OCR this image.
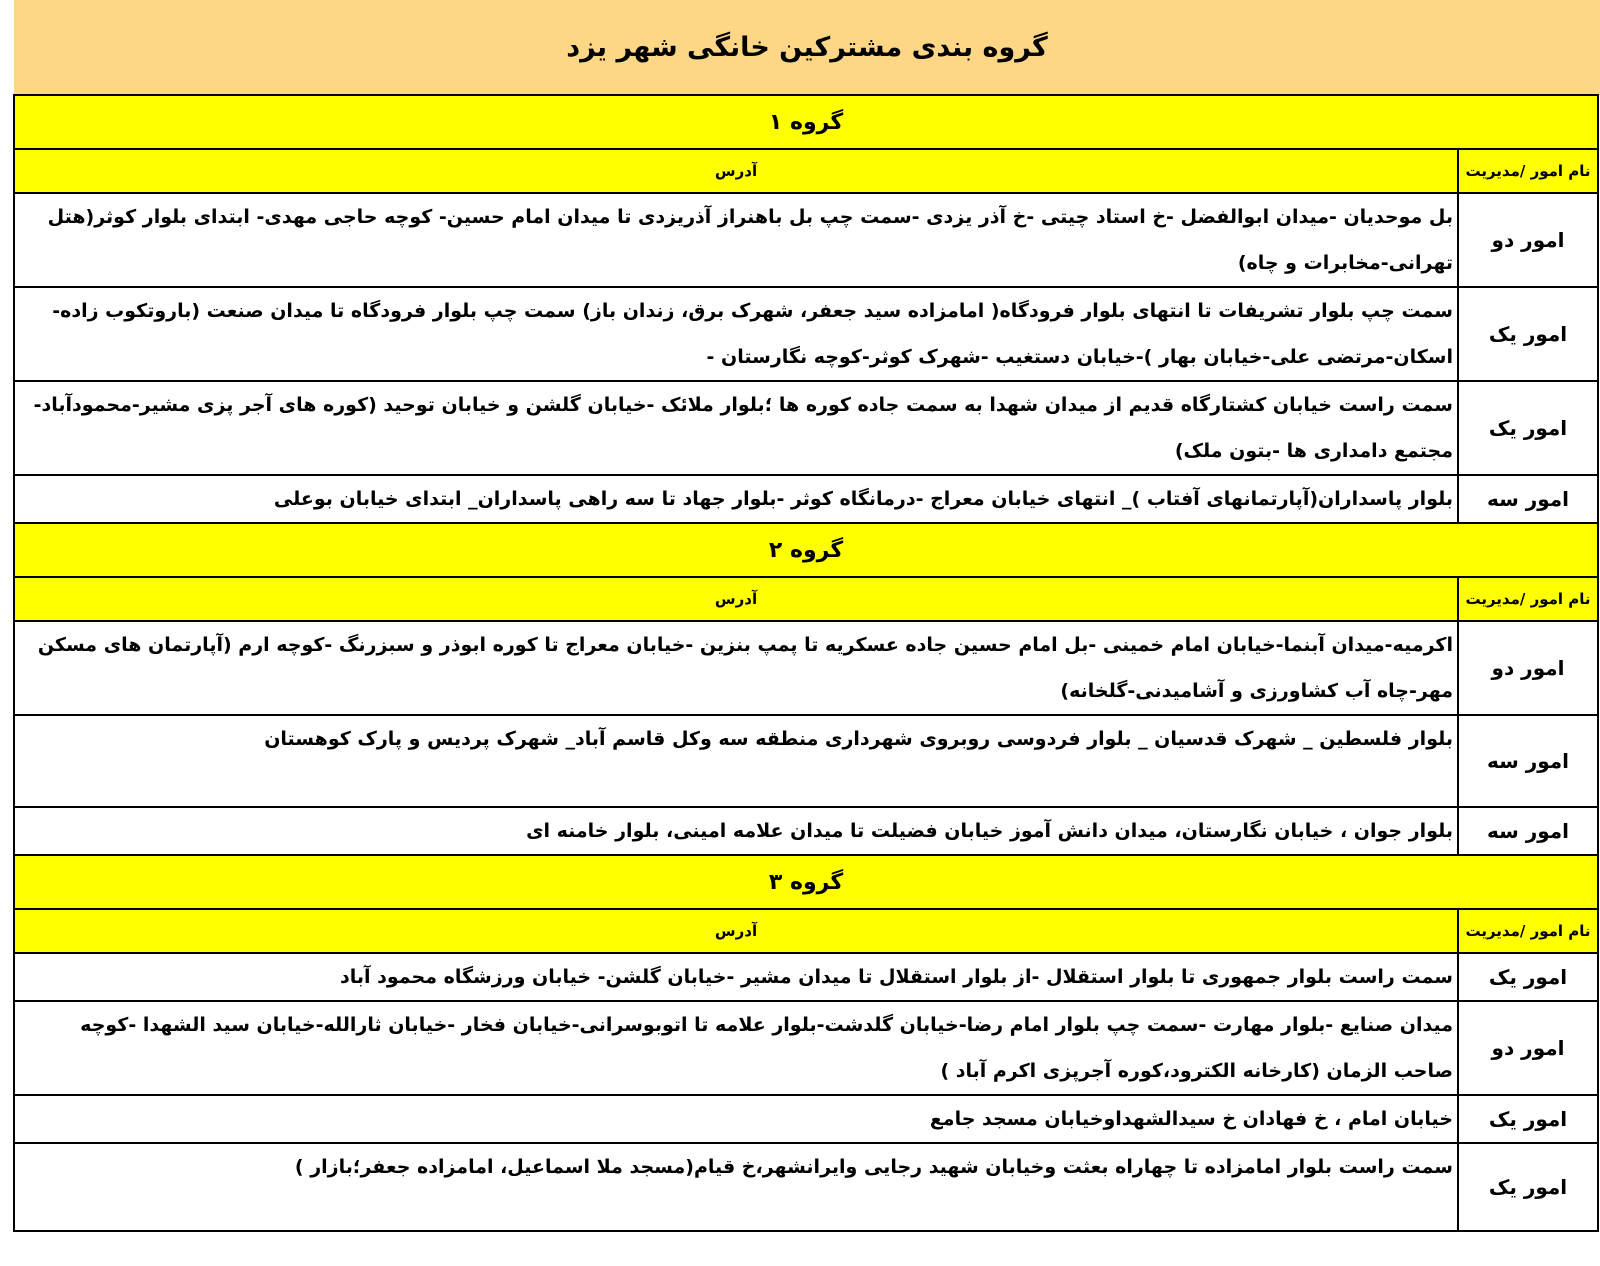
گروه بندی مشترکین خانگی شهر یزد
گروه ۱	
نام امور /مدیریت	آدرس
امور دو	بل موحدیان -میدان ابوالفضل -خ استاد چیتی -خ آذر یزدی -سمت چپ بل باهنراز آذریزدی تا میدان امام حسین- کوچه حاجی مهدی- ابتدای بلوار کوثر(هتل تهرانی-مخابرات و چاه)
امور یک	سمت چپ بلوار تشریفات تا انتهای بلوار فرودگاه( امامزاده سید جعفر، شهرک برق، زندان باز) سمت چپ بلوار فرودگاه تا میدان صنعت (باروتکوب زاده-اسکان-مرتضی علی-خیابان بهار )-خیابان دستغیب -شهرک کوثر-کوچه نگارستان -
امور یک	سمت راست خیابان کشتارگاه قدیم از میدان شهدا به سمت جاده کوره ها ؛بلوار ملائک -خیابان گلشن و خیابان توحید (کوره های آجر پزی مشیر-محمودآباد-مجتمع دامداری ها -بتون ملک)
امور سه	بلوار پاسداران(آپارتمانهای آفتاب )_ انتهای خیابان معراج -درمانگاه کوثر -بلوار جهاد تا سه راهی پاسداران_ ابتدای خیابان بوعلی
گروه ۲	
نام امور /مدیریت	آدرس
امور دو	اکرمیه-میدان آبنما-خیابان امام خمینی -بل امام حسین جاده عسکریه تا پمپ بنزین -خیابان معراج تا کوره ابوذر و سبزرنگ -کوچه ارم (آپارتمان های مسکن مهر-چاه آب کشاورزی و آشامیدنی-گلخانه)
امور سه	بلوار فلسطین _ شهرک قدسیان _ بلوار فردوسی روبروی شهرداری منطقه سه وکل قاسم آباد_ شهرک پردیس و پارک کوهستان
امور سه	بلوار جوان ، خیابان نگارستان، میدان دانش آموز خیابان فضیلت تا میدان علامه امینی، بلوار خامنه ای
گروه ۳	
نام امور /مدیریت	آدرس
امور یک	سمت راست بلوار جمهوری تا بلوار استقلال -از بلوار استقلال تا میدان مشیر -خیابان گلشن- خیابان ورزشگاه محمود آباد
امور دو	میدان صنایع -بلوار مهارت -سمت چپ بلوار امام رضا-خیابان گلدشت-بلوار علامه تا اتوبوسرانی-خیابان فخار -خیابان ثارالله-خیابان سید الشهدا -کوچه صاحب الزمان (کارخانه الکترود،کوره آجرپزی اکرم آباد )
امور یک	خیابان امام ، خ فهادان خ سیدالشهداوخیابان مسجد جامع
امور یک	سمت راست بلوار امامزاده تا چهاراه بعثت وخیابان شهید رجایی وایرانشهر،خ قیام(مسجد ملا اسماعیل، امامزاده جعفر؛بازار )
